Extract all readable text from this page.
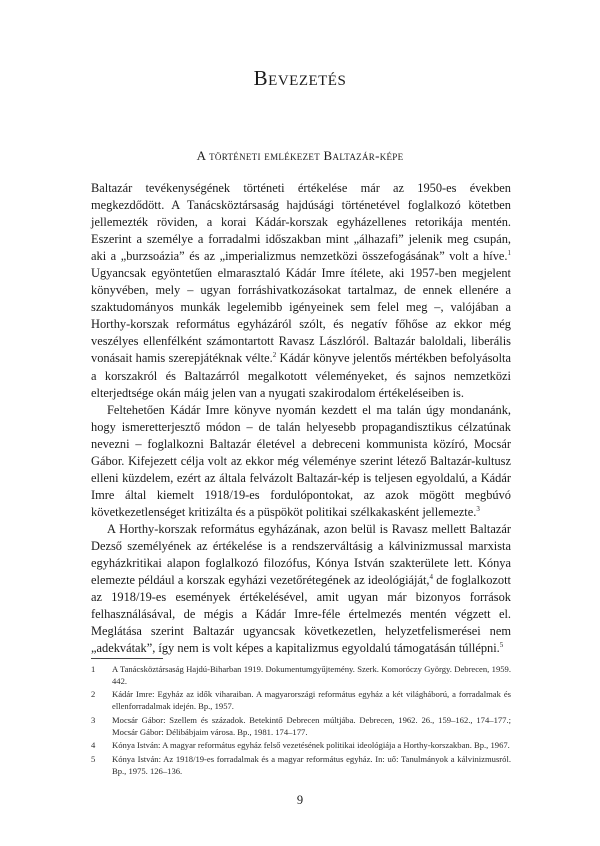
Bevezetés
A történeti emlékezet Baltazár-képe

Baltazár tevékenységének történeti értékelése már az 1950-es években megkezdődött. A Tanácsköztársaság hajdúsági történetével foglalkozó kötetben jellemezték röviden, a korai Kádár-korszak egyházellenes retorikája mentén. Eszerint a személye a forradalmi időszakban mint „álhazafi” jelenik meg csupán, aki a „burzsoázia” és az „imperializmus nemzetközi összefogásának” volt a híve.$^1$ Ugyancsak egyöntetűen elmarasztaló Kádár Imre ítélete, aki 1957-ben megjelent könyvében, mely – ugyan forráshivatkozásokat tartalmaz, de ennek ellenére a szaktudományos munkák legelemibb igényeinek sem felel meg –, valójában a Horthy-korszak református egyházáról szólt, és negatív főhőse az ekkor még veszélyes ellenfélként számontartott Ravasz Lászlóról. Baltazár baloldali, liberális vonásait hamis szerepjátéknak vélte.$^2$ Kádár könyve jelentős mértékben befolyásolta a korszakról és Baltazárról megalkotott véleményeket, és sajnos nemzetközi elterjedtsége okán máig jelen van a nyugati szakirodalom értékeléseiben is.

Feltehetően Kádár Imre könyve nyomán kezdett el ma talán úgy mondanánk, hogy ismeretterjesztő módon – de talán helyesebb propagandisztikus célzatúnak nevezni – foglalkozni Baltazár életével a debreceni kommunista közíró, Mocsár Gábor. Kifejezett célja volt az ekkor még véleménye szerint létező Baltazár-kultusz elleni küzdelem, ezért az általa felvázolt Baltazár-kép is teljesen egyoldalú, a Kádár Imre által kiemelt 1918/19-es fordulópontokat, az azok mögött megbúvó következetlenséget kritizálta és a püspököt politikai szélkakasként jellemezte.$^3$

A Horthy-korszak református egyházának, azon belül is Ravasz mellett Baltazár Dezső személyének az értékelése is a rendszerváltásig a kálvinizmussal marxista egyházkritikai alapon foglalkozó filozófus, Kónya István szakterülete lett. Kónya elemezte például a korszak egyházi vezetőrétegének az ideológiáját,$^4$ de foglalkozott az 1918/19-es események értékelésével, amit ugyan már bizonyos források felhasználásával, de mégis a Kádár Imre-féle értelmezés mentén végzett el. Meglátása szerint Baltazár ugyancsak következetlen, helyzetfelismerései nem „adekvátak”, így nem is volt képes a kapitalizmus egyoldalú támogatásán túllépni.$^5$

1	A Tanácsköztársaság Hajdú-Biharban 1919. Dokumentumgyűjtemény. Szerk. Komoróczy György. Debrecen, 1959. 442.
2	Kádár Imre: Egyház az idők viharaiban. A magyarországi református egyház a két világháború, a forradalmak és ellenforradalmak idején. Bp., 1957.
3	Mocsár Gábor: Szellem és századok. Betekintő Debrecen múltjába. Debrecen, 1962. 26., 159–162., 174–177.; Mocsár Gábor: Délibábjaim városa. Bp., 1981. 174–177.
4	Kónya István: A magyar református egyház felső vezetésének politikai ideológiája a Horthy-korszakban. Bp., 1967.
5	Kónya István: Az 1918/19-es forradalmak és a magyar református egyház. In: uő: Tanulmányok a kálvinizmusról. Bp., 1975. 126–136.
9
